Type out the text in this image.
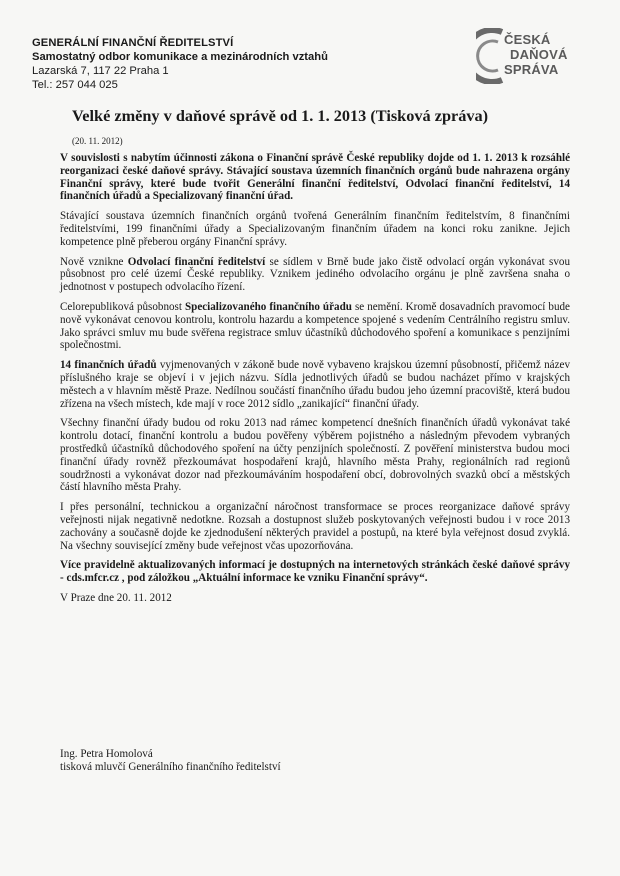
GENERÁLNÍ FINANČNÍ ŘEDITELSTVÍ
Samostatný odbor komunikace a mezinárodních vztahů
Lazarská 7, 117 22 Praha 1
Tel.: 257 044 025
ČESKÁ
DAŇOVÁ
SPRÁVA
Velké změny v daňové správě od 1. 1. 2013 (Tisková zpráva)
(20. 11. 2012)

V souvislosti s nabytím účinnosti zákona o Finanční správě České republiky dojde od 1. 1. 2013 k rozsáhlé reorganizaci české daňové správy. Stávající soustava územních finančních orgánů bude nahrazena orgány Finanční správy, které bude tvořit Generální finanční ředitelství, Odvolací finanční ředitelství, 14 finančních úřadů a Specializovaný finanční úřad.

Stávající soustava územních finančních orgánů tvořená Generálním finančním ředitelstvím, 8 finančními ředitelstvími, 199 finančními úřady a Specializovaným finančním úřadem na konci roku zanikne. Jejich kompetence plně přeberou orgány Finanční správy.

Nově vznikne Odvolací finanční ředitelství se sídlem v Brně bude jako čistě odvolací orgán vykonávat svou působnost pro celé území České republiky. Vznikem jediného odvolacího orgánu je plně završena snaha o jednotnost v postupech odvolacího řízení.

Celorepubliková působnost Specializovaného finančního úřadu se nemění. Kromě dosavadních pravomocí bude nově vykonávat cenovou kontrolu, kontrolu hazardu a kompetence spojené s vedením Centrálního registru smluv. Jako správci smluv mu bude svěřena registrace smluv účastníků důchodového spoření a komunikace s penzijními společnostmi.

14 finančních úřadů vyjmenovaných v zákoně bude nově vybaveno krajskou územní působností, přičemž název příslušného kraje se objeví i v jejich názvu. Sídla jednotlivých úřadů se budou nacházet přímo v krajských městech a v hlavním městě Praze. Nedílnou součástí finančního úřadu budou jeho územní pracoviště, která budou zřízena na všech místech, kde mají v roce 2012 sídlo „zanikající“ finanční úřady.

Všechny finanční úřady budou od roku 2013 nad rámec kompetencí dnešních finančních úřadů vykonávat také kontrolu dotací, finanční kontrolu a budou pověřeny výběrem pojistného a následným převodem vybraných prostředků účastníků důchodového spoření na účty penzijních společností. Z pověření ministerstva budou moci finanční úřady rovněž přezkoumávat hospodaření krajů, hlavního města Prahy, regionálních rad regionů soudržnosti a vykonávat dozor nad přezkoumáváním hospodaření obcí, dobrovolných svazků obcí a městských částí hlavního města Prahy.

I přes personální, technickou a organizační náročnost transformace se proces reorganizace daňové správy veřejnosti nijak negativně nedotkne. Rozsah a dostupnost služeb poskytovaných veřejnosti budou i v roce 2013 zachovány a současně dojde ke zjednodušení některých pravidel a postupů, na které byla veřejnost dosud zvyklá. Na všechny související změny bude veřejnost včas upozorňována.

Více pravidelně aktualizovaných informací je dostupných na internetových stránkách české daňové správy - cds.mfcr.cz , pod záložkou „Aktuální informace ke vzniku Finanční správy“.

V Praze dne 20. 11. 2012

Ing. Petra Homolová
tisková mluvčí Generálního finančního ředitelství
